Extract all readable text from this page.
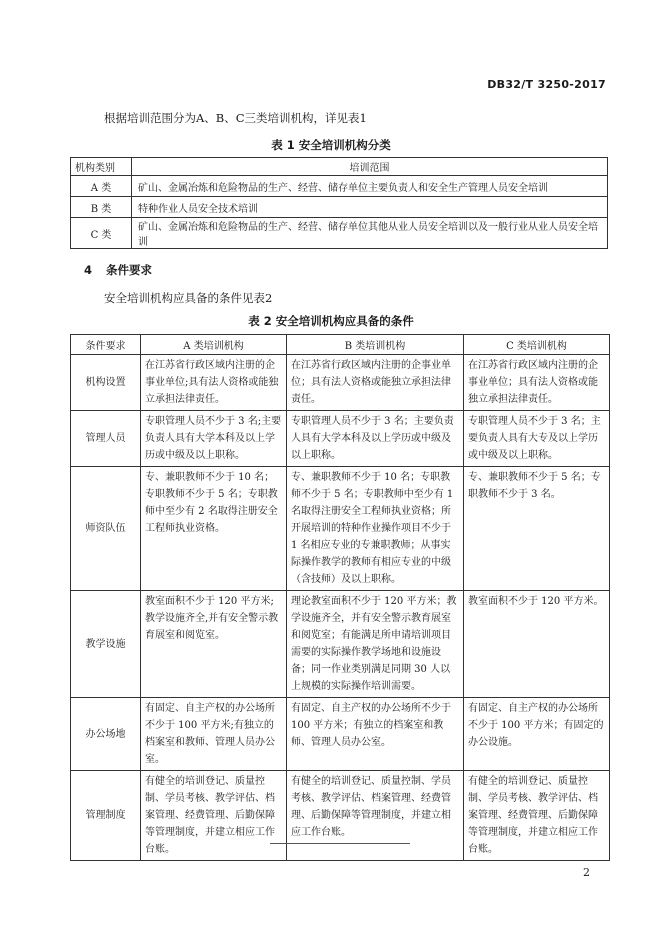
DB32/T 3250-2017
根据培训范围分为A、B、C三类培训机构，详见表1
表 1 安全培训机构分类
机构类别	培训范围
A 类	矿山、金属冶炼和危险物品的生产、经营、储存单位主要负责人和安全生产管理人员安全培训
B 类	特种作业人员安全技术培训
C 类	矿山、金属冶炼和危险物品的生产、经营、储存单位其他从业人员安全培训以及一般行业从业人员安全培训
4 条件要求
安全培训机构应具备的条件见表2
表 2 安全培训机构应具备的条件
条件要求	A 类培训机构	B 类培训机构	C 类培训机构
机构设置	在江苏省行政区域内注册的企事业单位;具有法人资格或能独立承担法律责任。	在江苏省行政区域内注册的企事业单位；具有法人资格或能独立承担法律责任。	在江苏省行政区域内注册的企事业单位；具有法人资格或能独立承担法律责任。
管理人员	专职管理人员不少于 3 名;主要负责人具有大学本科及以上学历或中级及以上职称。	专职管理人员不少于 3 名；主要负责人具有大学本科及以上学历或中级及以上职称。	专职管理人员不少于 3 名；主要负责人具有大专及以上学历或中级及以上职称。
师资队伍	专、兼职教师不少于 10 名；专职教师不少于 5 名；专职教师中至少有 2 名取得注册安全工程师执业资格。	专、兼职教师不少于 10 名；专职教师不少于 5 名；专职教师中至少有 1 名取得注册安全工程师执业资格；所开展培训的特种作业操作项目不少于 1 名相应专业的专兼职教师；从事实际操作教学的教师有相应专业的中级（含技师）及以上职称。	专、兼职教师不少于 5 名；专职教师不少于 3 名。
教学设施	教室面积不少于 120 平方米;教学设施齐全,并有安全警示教育展室和阅览室。	理论教室面积不少于 120 平方米；教学设施齐全，并有安全警示教育展室和阅览室；有能满足所申请培训项目需要的实际操作教学场地和设施设备；同一作业类别满足同期 30 人以上规模的实际操作培训需要。	教室面积不少于 120 平方米。
办公场地	有固定、自主产权的办公场所不少于 100 平方米;有独立的档案室和教师、管理人员办公室。	有固定、自主产权的办公场所不少于 100 平方米；有独立的档案室和教师、管理人员办公室。	有固定、自主产权的办公场所不少于 100 平方米；有固定的办公设施。
管理制度	有健全的培训登记、质量控制、学员考核、教学评估、档案管理、经费管理、后勤保障等管理制度，并建立相应工作台账。	有健全的培训登记、质量控制、学员考核、教学评估、档案管理、经费管理、后勤保障等管理制度，并建立相应工作台账。	有健全的培训登记、质量控制、学员考核、教学评估、档案管理、经费管理、后勤保障等管理制度，并建立相应工作台账。
2
